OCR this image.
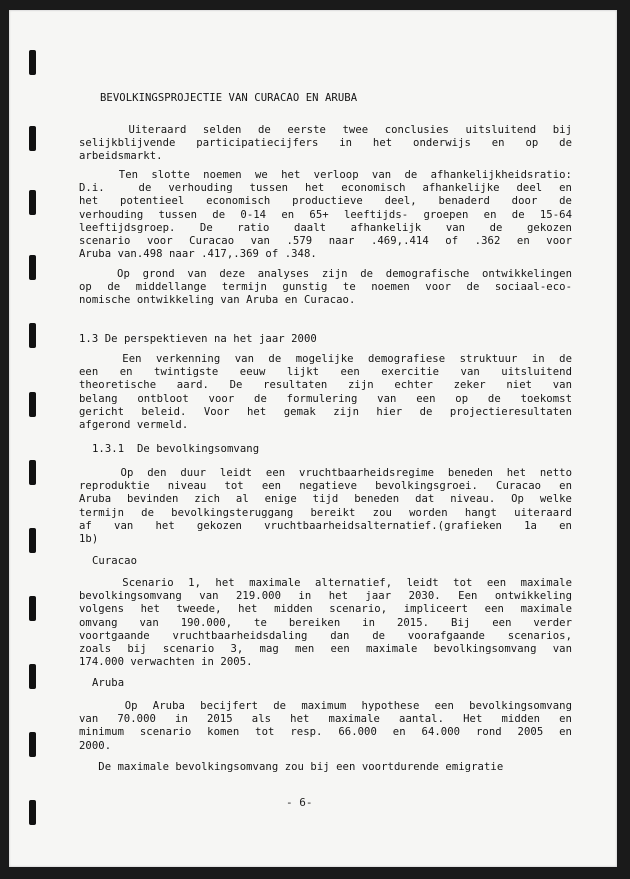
BEVOLKINGSPROJECTIE VAN CURACAO EN ARUBA
Uiteraard selden de eerste twee conclusies uitsluitend bij
selijkblijvende participatiecijfers in het onderwijs en op de
arbeidsmarkt.
Ten slotte noemen we het verloop van de afhankelijkheidsratio:
D.i.  de verhouding tussen het economisch afhankelijke deel en
het potentieel economisch productieve deel, benaderd door de
verhouding tussen de 0-14 en 65+ leeftijds- groepen en de 15-64
leeftijdsgroep. De ratio daalt afhankelijk van de gekozen
scenario voor Curacao van .579 naar .469,.414 of .362 en voor
Aruba van.498 naar .417,.369 of .348.
Op grond van deze analyses zijn de demografische ontwikkelingen
op de middellange termijn gunstig te noemen voor de sociaal-eco-
nomische ontwikkeling van Aruba en Curacao.
1.3 De perspektieven na het jaar 2000
Een verkenning van de mogelijke demografiese struktuur in de
een en twintigste eeuw lijkt een exercitie van uitsluitend
theoretische aard. De resultaten zijn echter zeker niet van
belang ontbloot voor de formulering van een op de toekomst
gericht beleid. Voor het gemak zijn hier de projectieresultaten
afgerond vermeld.
1.3.1  De bevolkingsomvang
Op den duur leidt een vruchtbaarheidsregime beneden het netto
reproduktie niveau tot een negatieve bevolkingsgroei. Curacao en
Aruba bevinden zich al enige tijd beneden dat niveau. Op welke
termijn de bevolkingsteruggang bereikt zou worden hangt uiteraard
af van het gekozen vruchtbaarheidsalternatief.(grafieken 1a en
1b)
Curacao
Scenario 1, het maximale alternatief, leidt tot een maximale
bevolkingsomvang van 219.000 in het jaar 2030. Een ontwikkeling
volgens het tweede, het midden scenario, impliceert een maximale
omvang van 190.000, te bereiken in 2015. Bij een verder
voortgaande vruchtbaarheidsdaling dan de voorafgaande scenarios,
zoals bij scenario 3, mag men een maximale bevolkingsomvang van
174.000 verwachten in 2005.
Aruba
Op Aruba becijfert de maximum hypothese een bevolkingsomvang
van 70.000 in 2015 als het maximale aantal. Het midden en
minimum scenario komen tot resp. 66.000 en 64.000 rond 2005 en
2000.
De maximale bevolkingsomvang zou bij een voortdurende emigratie
- 6-
